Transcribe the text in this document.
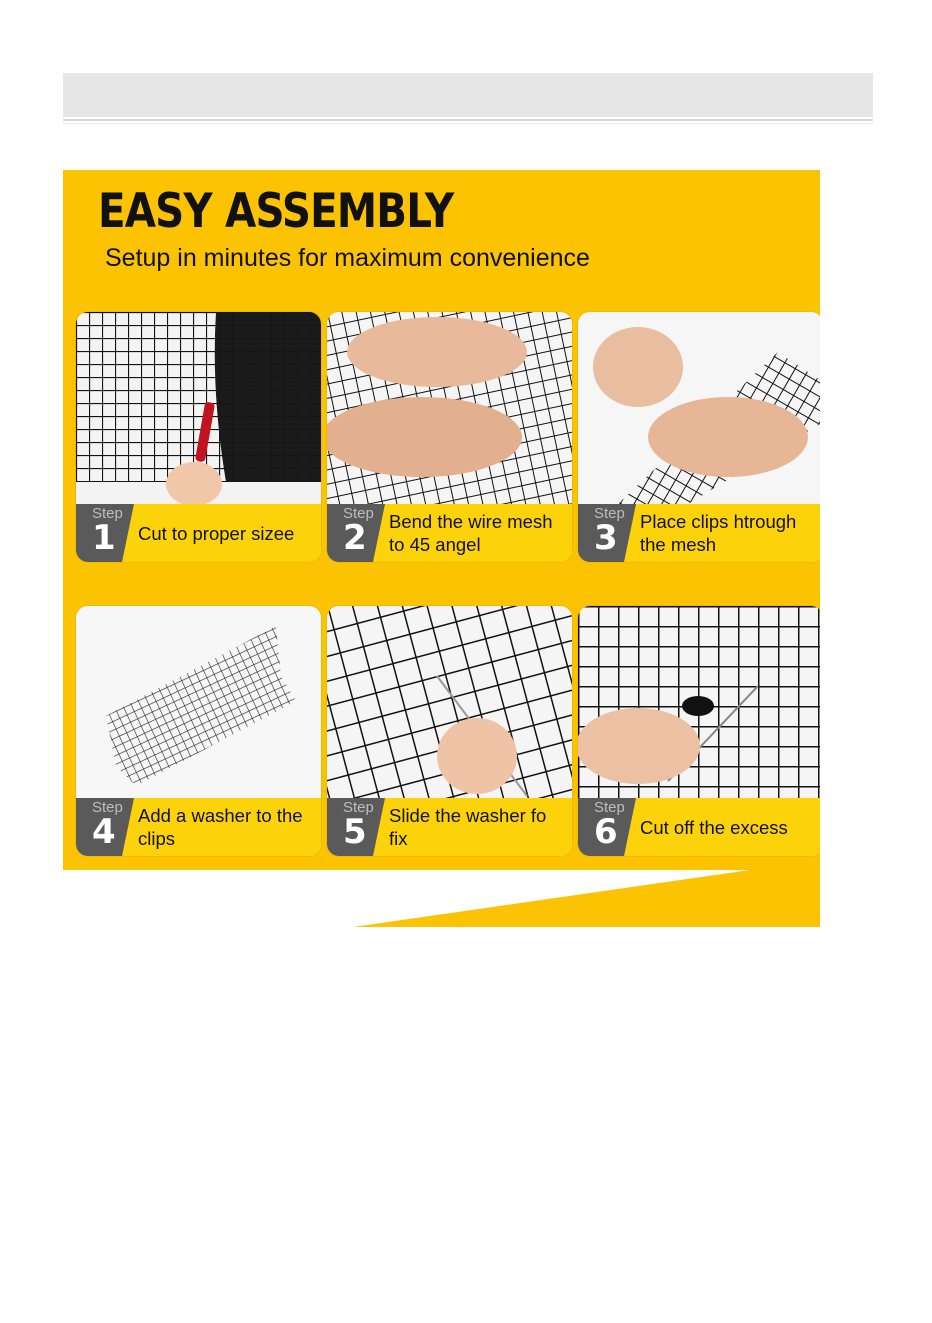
EASY ASSEMBLY

Setup in minutes for maximum convenience

Step
1 Cut to proper sizee
Step
2 Bend the wire mesh to 45 angel
Step
3 Place clips htrough the mesh
Step
4 Add a washer to the clips
Step
5 Slide the washer fo fix
Step
6 Cut off the excess
